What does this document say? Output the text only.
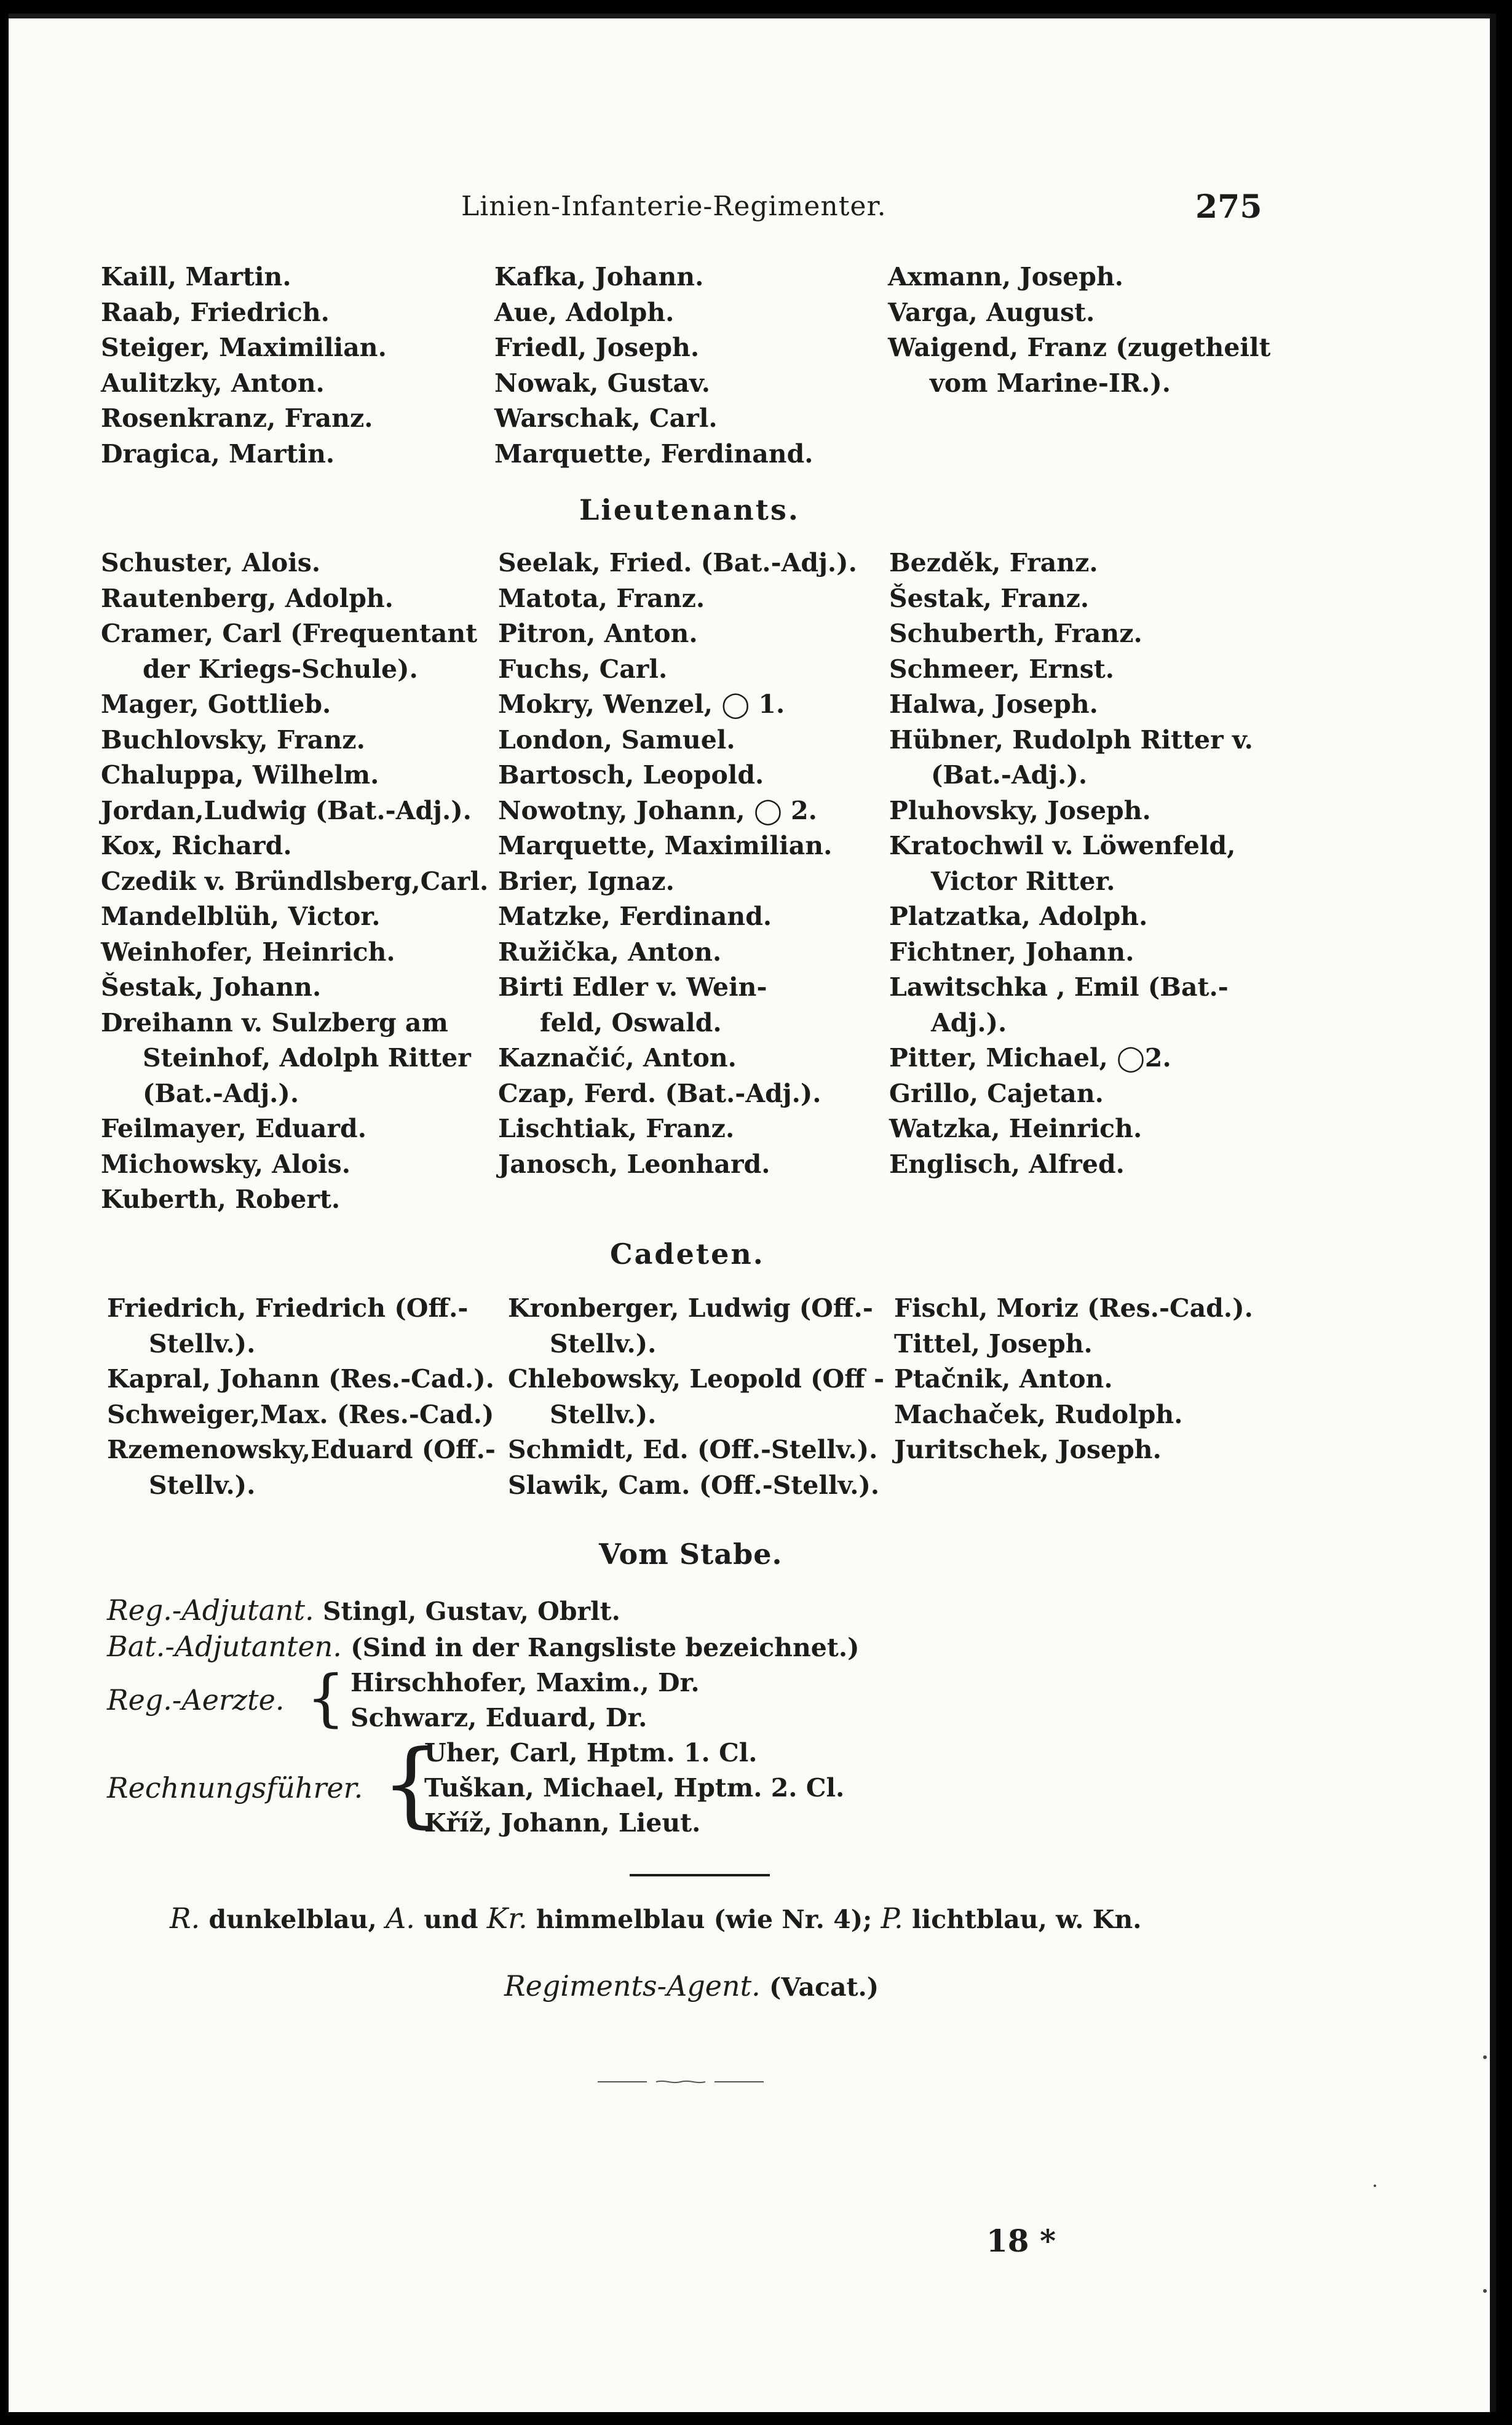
Linien-Infanterie-Regimenter.	275
Kaill, Martin.
Raab, Friedrich.
Steiger, Maximilian.
Aulitzky, Anton.
Rosenkranz, Franz.
Dragica, Martin.
Kafka, Johann.
Aue, Adolph.
Friedl, Joseph.
Nowak, Gustav.
Warschak, Carl.
Marquette, Ferdinand.
Axmann, Joseph.
Varga, August.
Waigend, Franz (zugetheilt
vom Marine-IR.).
Lieutenants.
Schuster, Alois.
Rautenberg, Adolph.
Cramer, Carl (Frequentant
der Kriegs-Schule).
Mager, Gottlieb.
Buchlovsky, Franz.
Chaluppa, Wilhelm.
Jordan,Ludwig (Bat.-Adj.).
Kox, Richard.
Czedik v. Bründlsberg,Carl.
Mandelblüh, Victor.
Weinhofer, Heinrich.
Šestak, Johann.
Dreihann v. Sulzberg am
Steinhof, Adolph Ritter
(Bat.-Adj.).
Feilmayer, Eduard.
Michowsky, Alois.
Kuberth, Robert.
Seelak, Fried. (Bat.-Adj.).
Matota, Franz.
Pitron, Anton.
Fuchs, Carl.
Mokry, Wenzel, ◯ 1.
London, Samuel.
Bartosch, Leopold.
Nowotny, Johann, ◯ 2.
Marquette, Maximilian.
Brier, Ignaz.
Matzke, Ferdinand.
Ružička, Anton.
Birti Edler v. Wein-
feld, Oswald.
Kaznačić, Anton.
Czap, Ferd. (Bat.-Adj.).
Lischtiak, Franz.
Janosch, Leonhard.
Bezděk, Franz.
Šestak, Franz.
Schuberth, Franz.
Schmeer, Ernst.
Halwa, Joseph.
Hübner, Rudolph Ritter v.
(Bat.-Adj.).
Pluhovsky, Joseph.
Kratochwil v. Löwenfeld,
Victor Ritter.
Platzatka, Adolph.
Fichtner, Johann.
Lawitschka , Emil (Bat.-
Adj.).
Pitter, Michael, ◯2.
Grillo, Cajetan.
Watzka, Heinrich.
Englisch, Alfred.
Cadeten.
Friedrich, Friedrich (Off.-
Stellv.).
Kapral, Johann (Res.-Cad.).
Schweiger,Max. (Res.-Cad.)
Rzemenowsky,Eduard (Off.-
Stellv.).
Kronberger, Ludwig (Off.-
Stellv.).
Chlebowsky, Leopold (Off -
Stellv.).
Schmidt, Ed. (Off.-Stellv.).
Slawik, Cam. (Off.-Stellv.).
Fischl, Moriz (Res.-Cad.).
Tittel, Joseph.
Ptačnik, Anton.
Machaček, Rudolph.
Juritschek, Joseph.
Vom Stabe.
Reg.-Adjutant. Stingl, Gustav, Obrlt.
Bat.-Adjutanten. (Sind in der Rangsliste bezeichnet.)
Reg.-Aerzte. { Hirschhofer, Maxim., Dr.
Schwarz, Eduard, Dr.
Rechnungsführer. {
Uher, Carl, Hptm. 1. Cl.
Tuškan, Michael, Hptm. 2. Cl.
Kříž, Johann, Lieut.
R. dunkelblau, A. und Kr. himmelblau (wie Nr. 4); P. lichtblau, w. Kn.
Regiments-Agent. (Vacat.)
18 *
